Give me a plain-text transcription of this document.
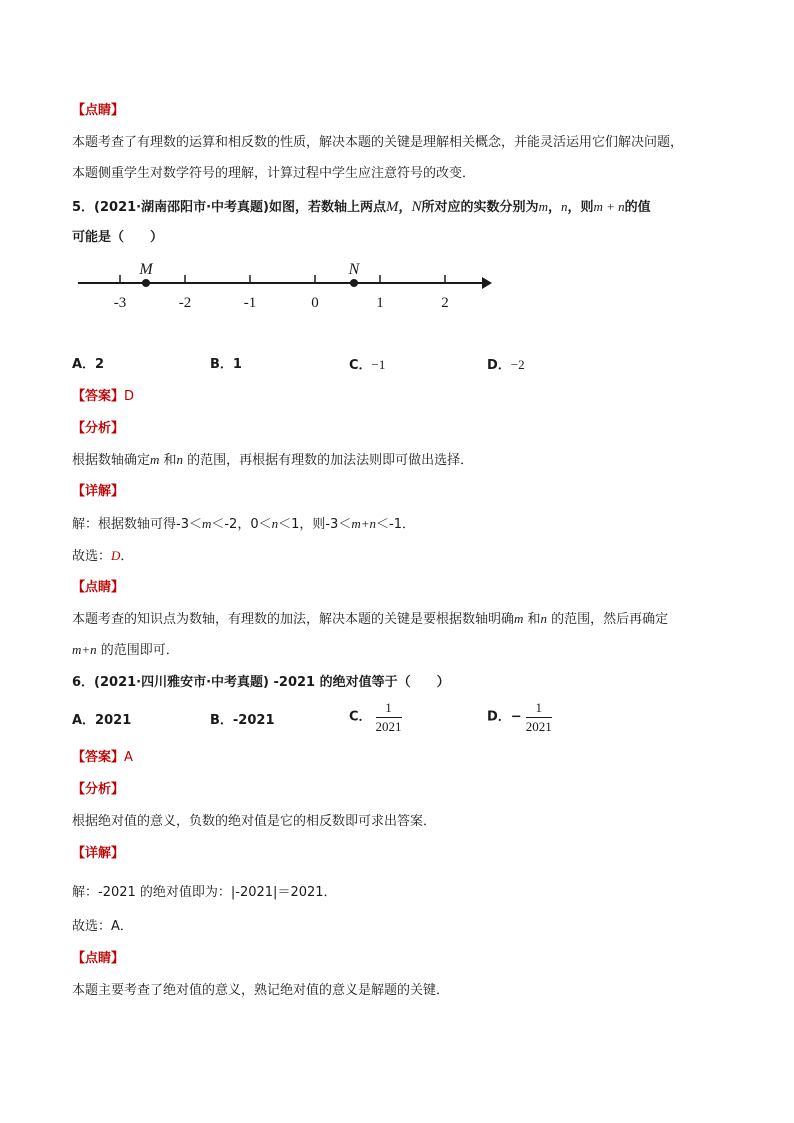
【点睛】
本题考查了有理数的运算和相反数的性质，解决本题的关键是理解相关概念，并能灵活运用它们解决问题，
本题侧重学生对数学符号的理解，计算过程中学生应注意符号的改变．
5．(2021·湖南邵阳市·中考真题)如图，若数轴上两点M，N所对应的实数分别为m，n，则m + n的值
可能是（　　）
-3	-2	-1	0	1	2
M	N
A．2	B．1	C．−1	D．−2
【答案】D
【分析】
根据数轴确定m 和n 的范围，再根据有理数的加法法则即可做出选择．
【详解】
解：根据数轴可得-3＜m＜-2，0＜n＜1，则-3＜m+n＜-1．
故选：D．
【点睛】
本题考查的知识点为数轴，有理数的加法，解决本题的关键是要根据数轴明确m 和n 的范围，然后再确定
m+n 的范围即可．
6．(2021·四川雅安市·中考真题) -2021 的绝对值等于（　　）
A．2021	B．-2021	C． $\frac{1}{2021}$	D．− $\frac{1}{2021}$
【答案】A
【分析】
根据绝对值的意义，负数的绝对值是它的相反数即可求出答案．
【详解】
解：-2021 的绝对值即为：|-2021|＝2021．
故选：A．
【点睛】
本题主要考查了绝对值的意义，熟记绝对值的意义是解题的关键．
